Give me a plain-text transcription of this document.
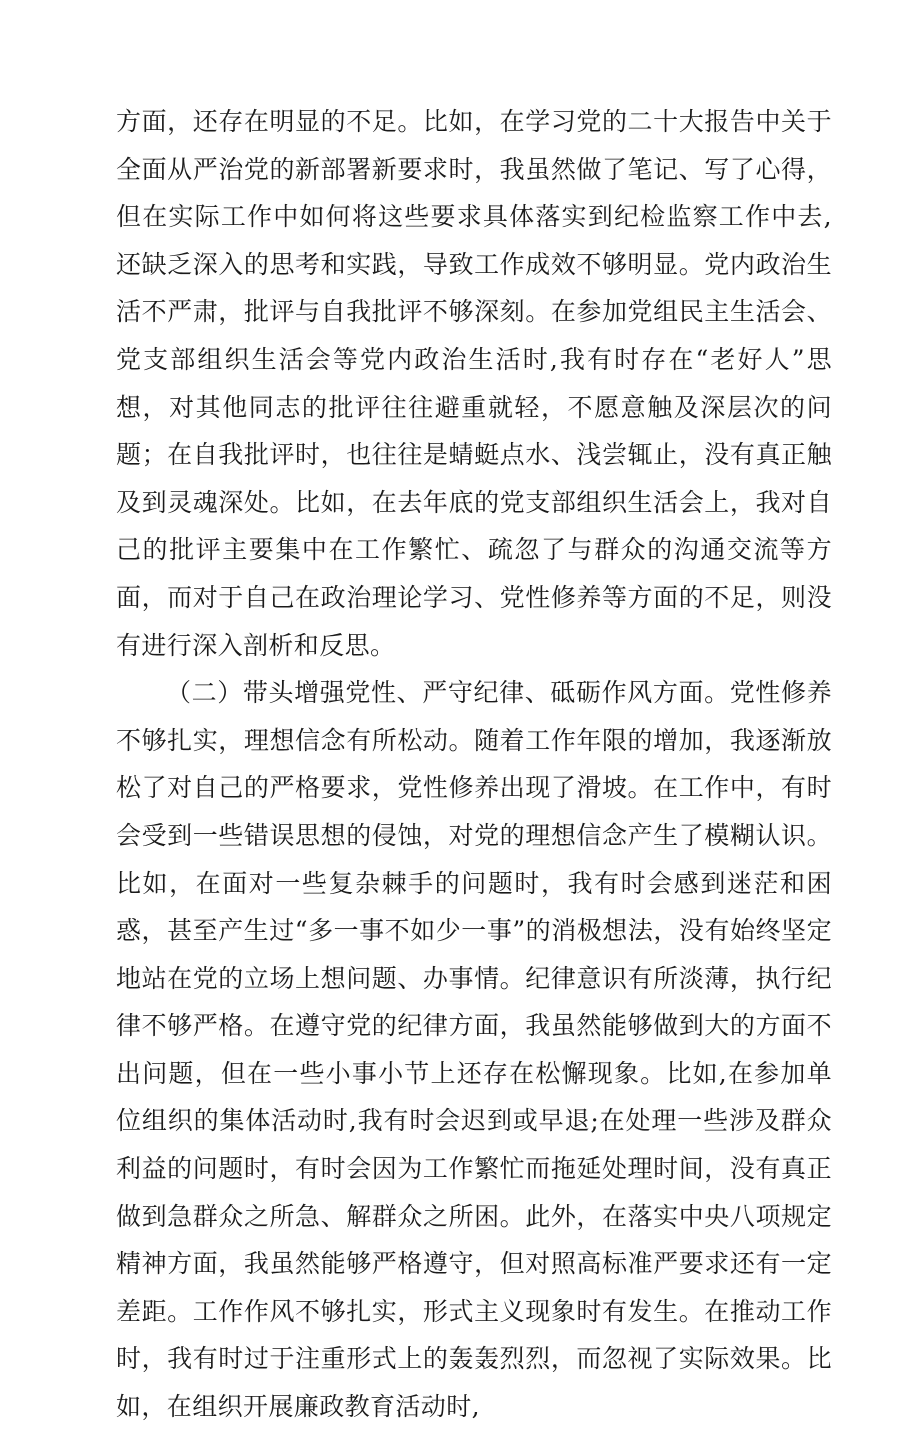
方面，还存在明显的不足。比如，在学习党的二十大报告中关于全面从严治党的新部署新要求时，我虽然做了笔记、写了心得，但在实际工作中如何将这些要求具体落实到纪检监察工作中去,还缺乏深入的思考和实践，导致工作成效不够明显。党内政治生活不严肃，批评与自我批评不够深刻。在参加党组民主生活会、党支部组织生活会等党内政治生活时,我有时存在“老好人”思想，对其他同志的批评往往避重就轻，不愿意触及深层次的问题；在自我批评时，也往往是蜻蜓点水、浅尝辄止，没有真正触及到灵魂深处。比如，在去年底的党支部组织生活会上，我对自己的批评主要集中在工作繁忙、疏忽了与群众的沟通交流等方面，而对于自己在政治理论学习、党性修养等方面的不足，则没有进行深入剖析和反思。

（二）带头增强党性、严守纪律、砥砺作风方面。党性修养不够扎实，理想信念有所松动。随着工作年限的增加，我逐渐放松了对自己的严格要求，党性修养出现了滑坡。在工作中，有时会受到一些错误思想的侵蚀，对党的理想信念产生了模糊认识。比如，在面对一些复杂棘手的问题时，我有时会感到迷茫和困惑，甚至产生过“多一事不如少一事”的消极想法，没有始终坚定地站在党的立场上想问题、办事情。纪律意识有所淡薄，执行纪律不够严格。在遵守党的纪律方面，我虽然能够做到大的方面不出问题，但在一些小事小节上还存在松懈现象。比如,在参加单位组织的集体活动时,我有时会迟到或早退;在处理一些涉及群众利益的问题时，有时会因为工作繁忙而拖延处理时间，没有真正做到急群众之所急、解群众之所困。此外，在落实中央八项规定精神方面，我虽然能够严格遵守，但对照高标准严要求还有一定差距。工作作风不够扎实，形式主义现象时有发生。在推动工作时，我有时过于注重形式上的轰轰烈烈，而忽视了实际效果。比如，在组织开展廉政教育活动时,
